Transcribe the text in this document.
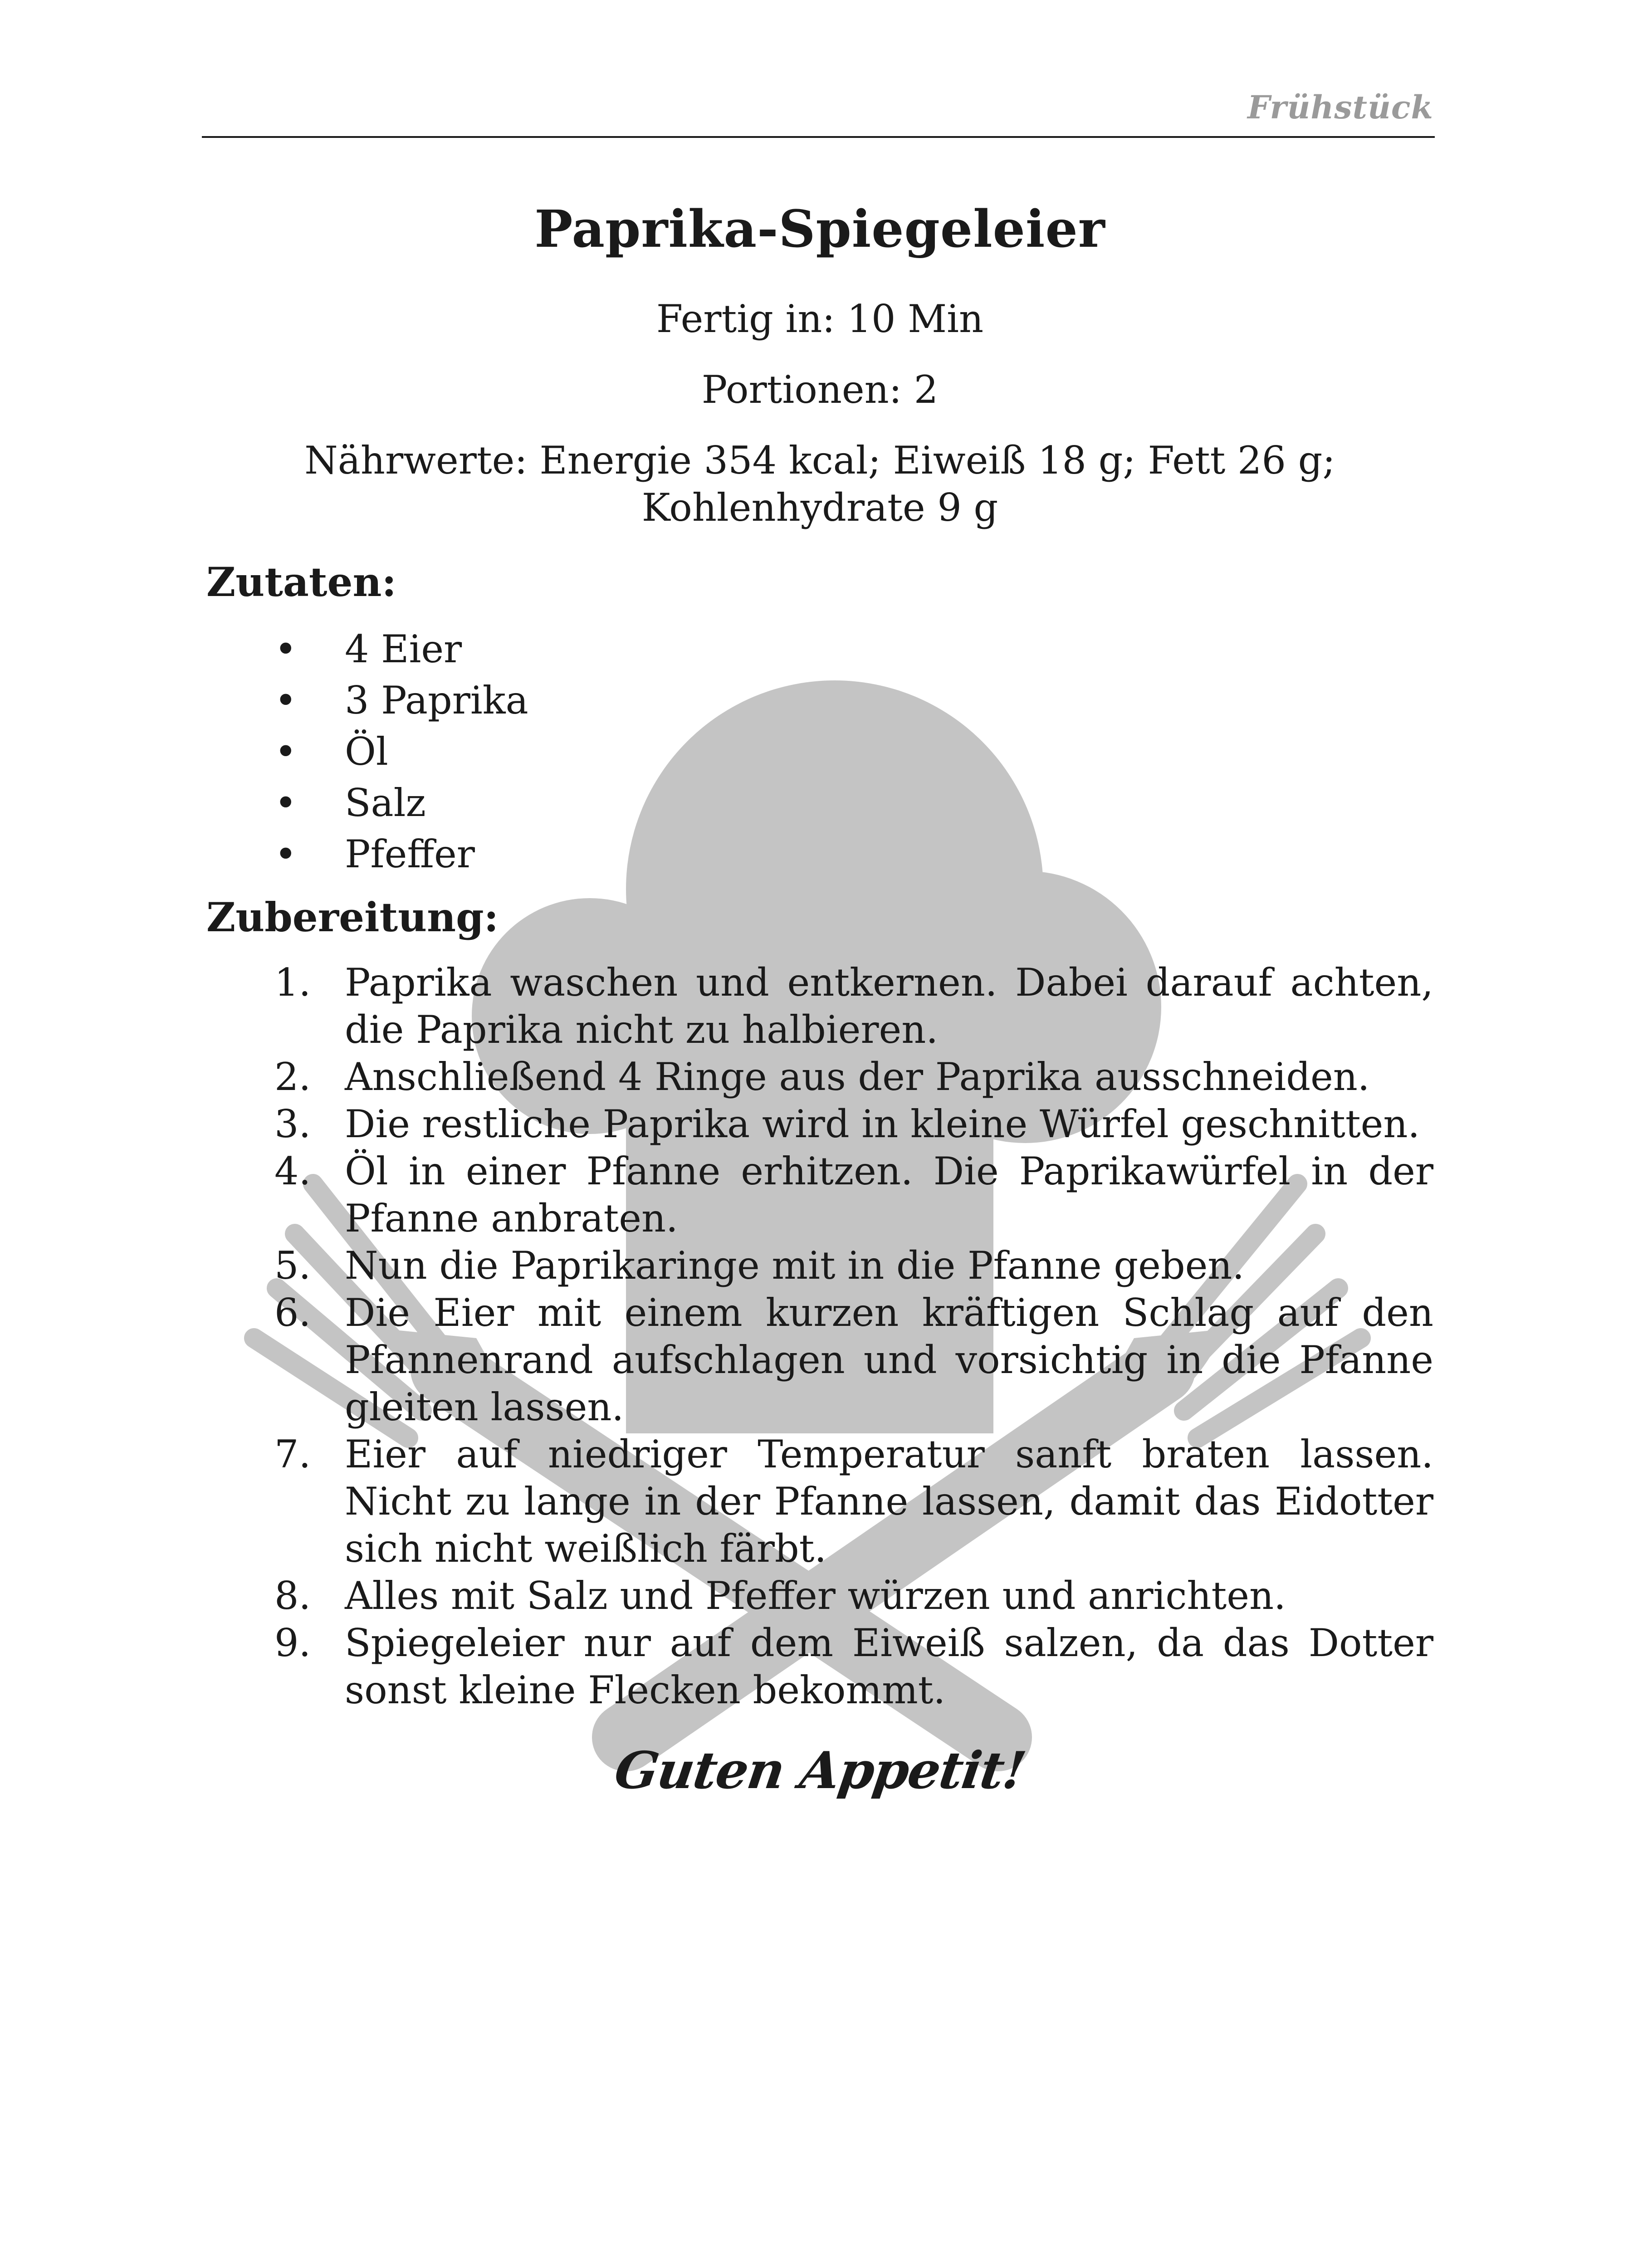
Frühstück
Paprika-Spiegeleier
Fertig in: 10 Min
Portionen: 2
Nährwerte: Energie 354 kcal; Eiweiß 18 g; Fett 26 g;
Kohlenhydrate 9 g
Zutaten:
• 4 Eier
• 3 Paprika
• Öl
• Salz
• Pfeffer
Zubereitung:
1. Paprika waschen und entkernen. Dabei darauf achten, die Paprika nicht zu halbieren.
2. Anschließend 4 Ringe aus der Paprika ausschneiden.
3. Die restliche Paprika wird in kleine Würfel geschnitten.
4. Öl in einer Pfanne erhitzen. Die Paprikawürfel in der Pfanne anbraten.
5. Nun die Paprikaringe mit in die Pfanne geben.
6. Die Eier mit einem kurzen kräftigen Schlag auf den Pfannenrand aufschlagen und vorsichtig in die Pfanne gleiten lassen.
7. Eier auf niedriger Temperatur sanft braten lassen. Nicht zu lange in der Pfanne lassen, damit das Eidotter sich nicht weißlich färbt.
8. Alles mit Salz und Pfeffer würzen und anrichten.
9. Spiegeleier nur auf dem Eiweiß salzen, da das Dotter sonst kleine Flecken bekommt.
Guten Appetit!
